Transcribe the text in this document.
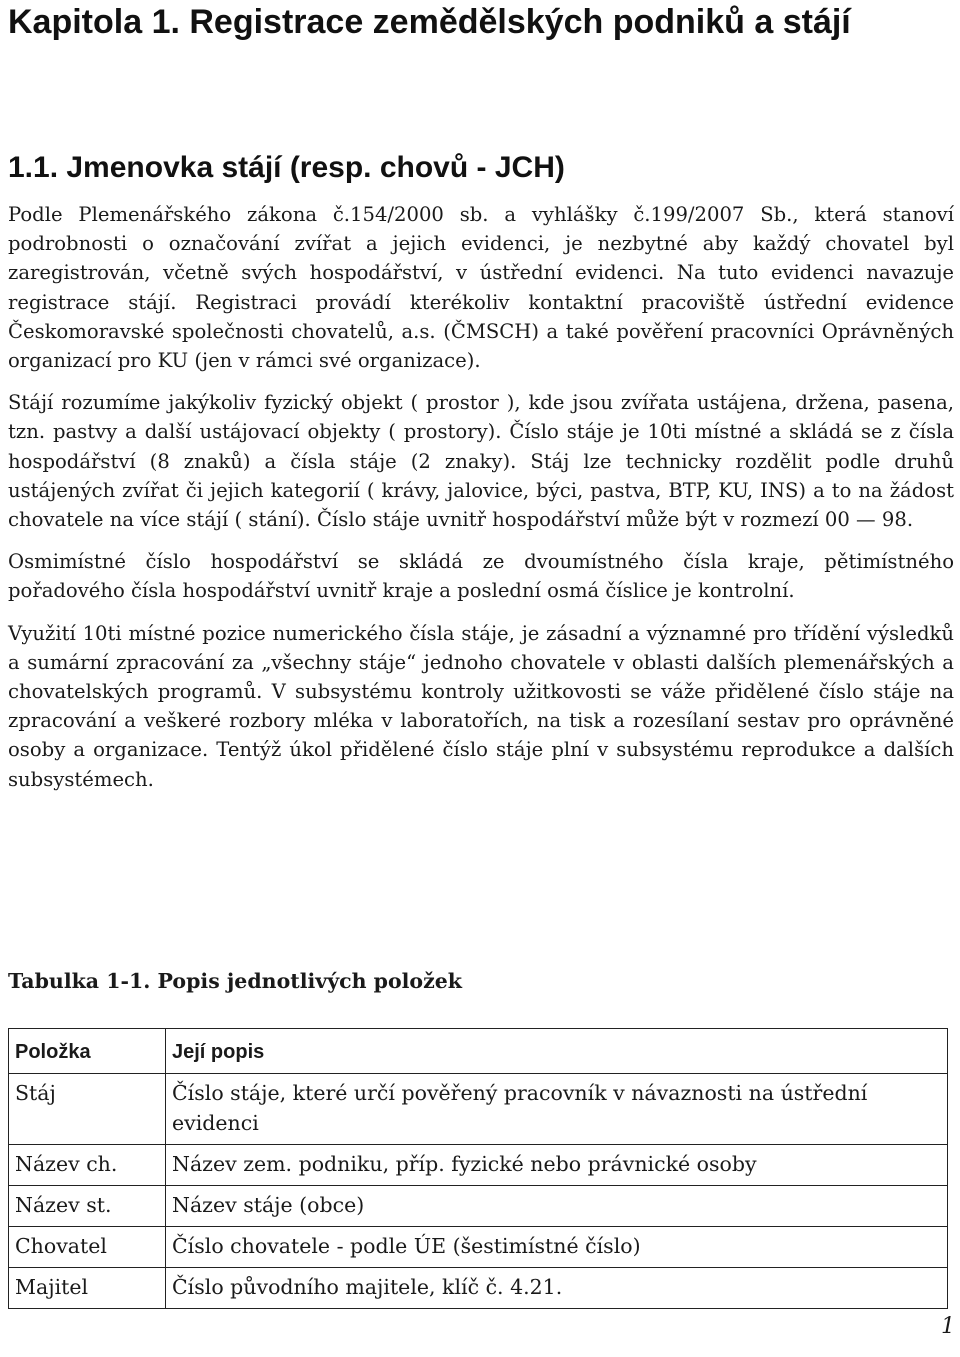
Kapitola 1. Registrace zemědělských podniků a stájí
1.1. Jmenovka stájí (resp. chovů - JCH)

Podle Plemenářského zákona č.154/2000 sb. a vyhlášky č.199/2007 Sb., která stanoví podrobnosti o označování zvířat a jejich evidenci, je nezbytné aby každý chovatel byl zaregistrován, včetně svých hospodářství, v ústřední evidenci. Na tuto evidenci navazuje registrace stájí. Registraci provádí kterékoliv kontaktní pracoviště ústřední evidence Českomoravské společnosti chovatelů, a.s. (ČMSCH) a také pověření pracovníci Oprávněných organizací pro KU (jen v rámci své organizace).

Stájí rozumíme jakýkoliv fyzický objekt ( prostor ), kde jsou zvířata ustájena, držena, pasena, tzn. pastvy a další ustájovací objekty ( prostory). Číslo stáje je 10ti místné a skládá se z čísla hospodářství (8 znaků) a čísla stáje (2 znaky). Stáj lze technicky rozdělit podle druhů ustájených zvířat či jejich kategorií ( krávy, jalovice, býci, pastva, BTP, KU, INS) a to na žádost chovatele na více stájí ( stání). Číslo stáje uvnitř hospodářství může být v rozmezí 00 — 98.

Osmimístné číslo hospodářství se skládá ze dvoumístného čísla kraje, pětimístného pořadového čísla hospodářství uvnitř kraje a poslední osmá číslice je kontrolní.

Využití 10ti místné pozice numerického čísla stáje, je zásadní a významné pro třídění výsledků a sumární zpracování za „všechny stáje“ jednoho chovatele v oblasti dalších plemenářských a chovatelských programů. V subsystému kontroly užitkovosti se váže přidělené číslo stáje na zpracování a veškeré rozbory mléka v laboratořích, na tisk a rozesílaní sestav pro oprávněné osoby a organizace. Tentýž úkol přidělené číslo stáje plní v subsystému reprodukce a dalších subsystémech.

Tabulka 1-1. Popis jednotlivých položek

Položka	Její popis
Stáj	Číslo stáje, které určí pověřený pracovník v návaznosti na ústřední evidenci
Název ch.	Název zem. podniku, příp. fyzické nebo právnické osoby
Název st.	Název stáje (obce)
Chovatel	Číslo chovatele - podle ÚE (šestimístné číslo)
Majitel	Číslo původního majitele, klíč č. 4.21.
1
